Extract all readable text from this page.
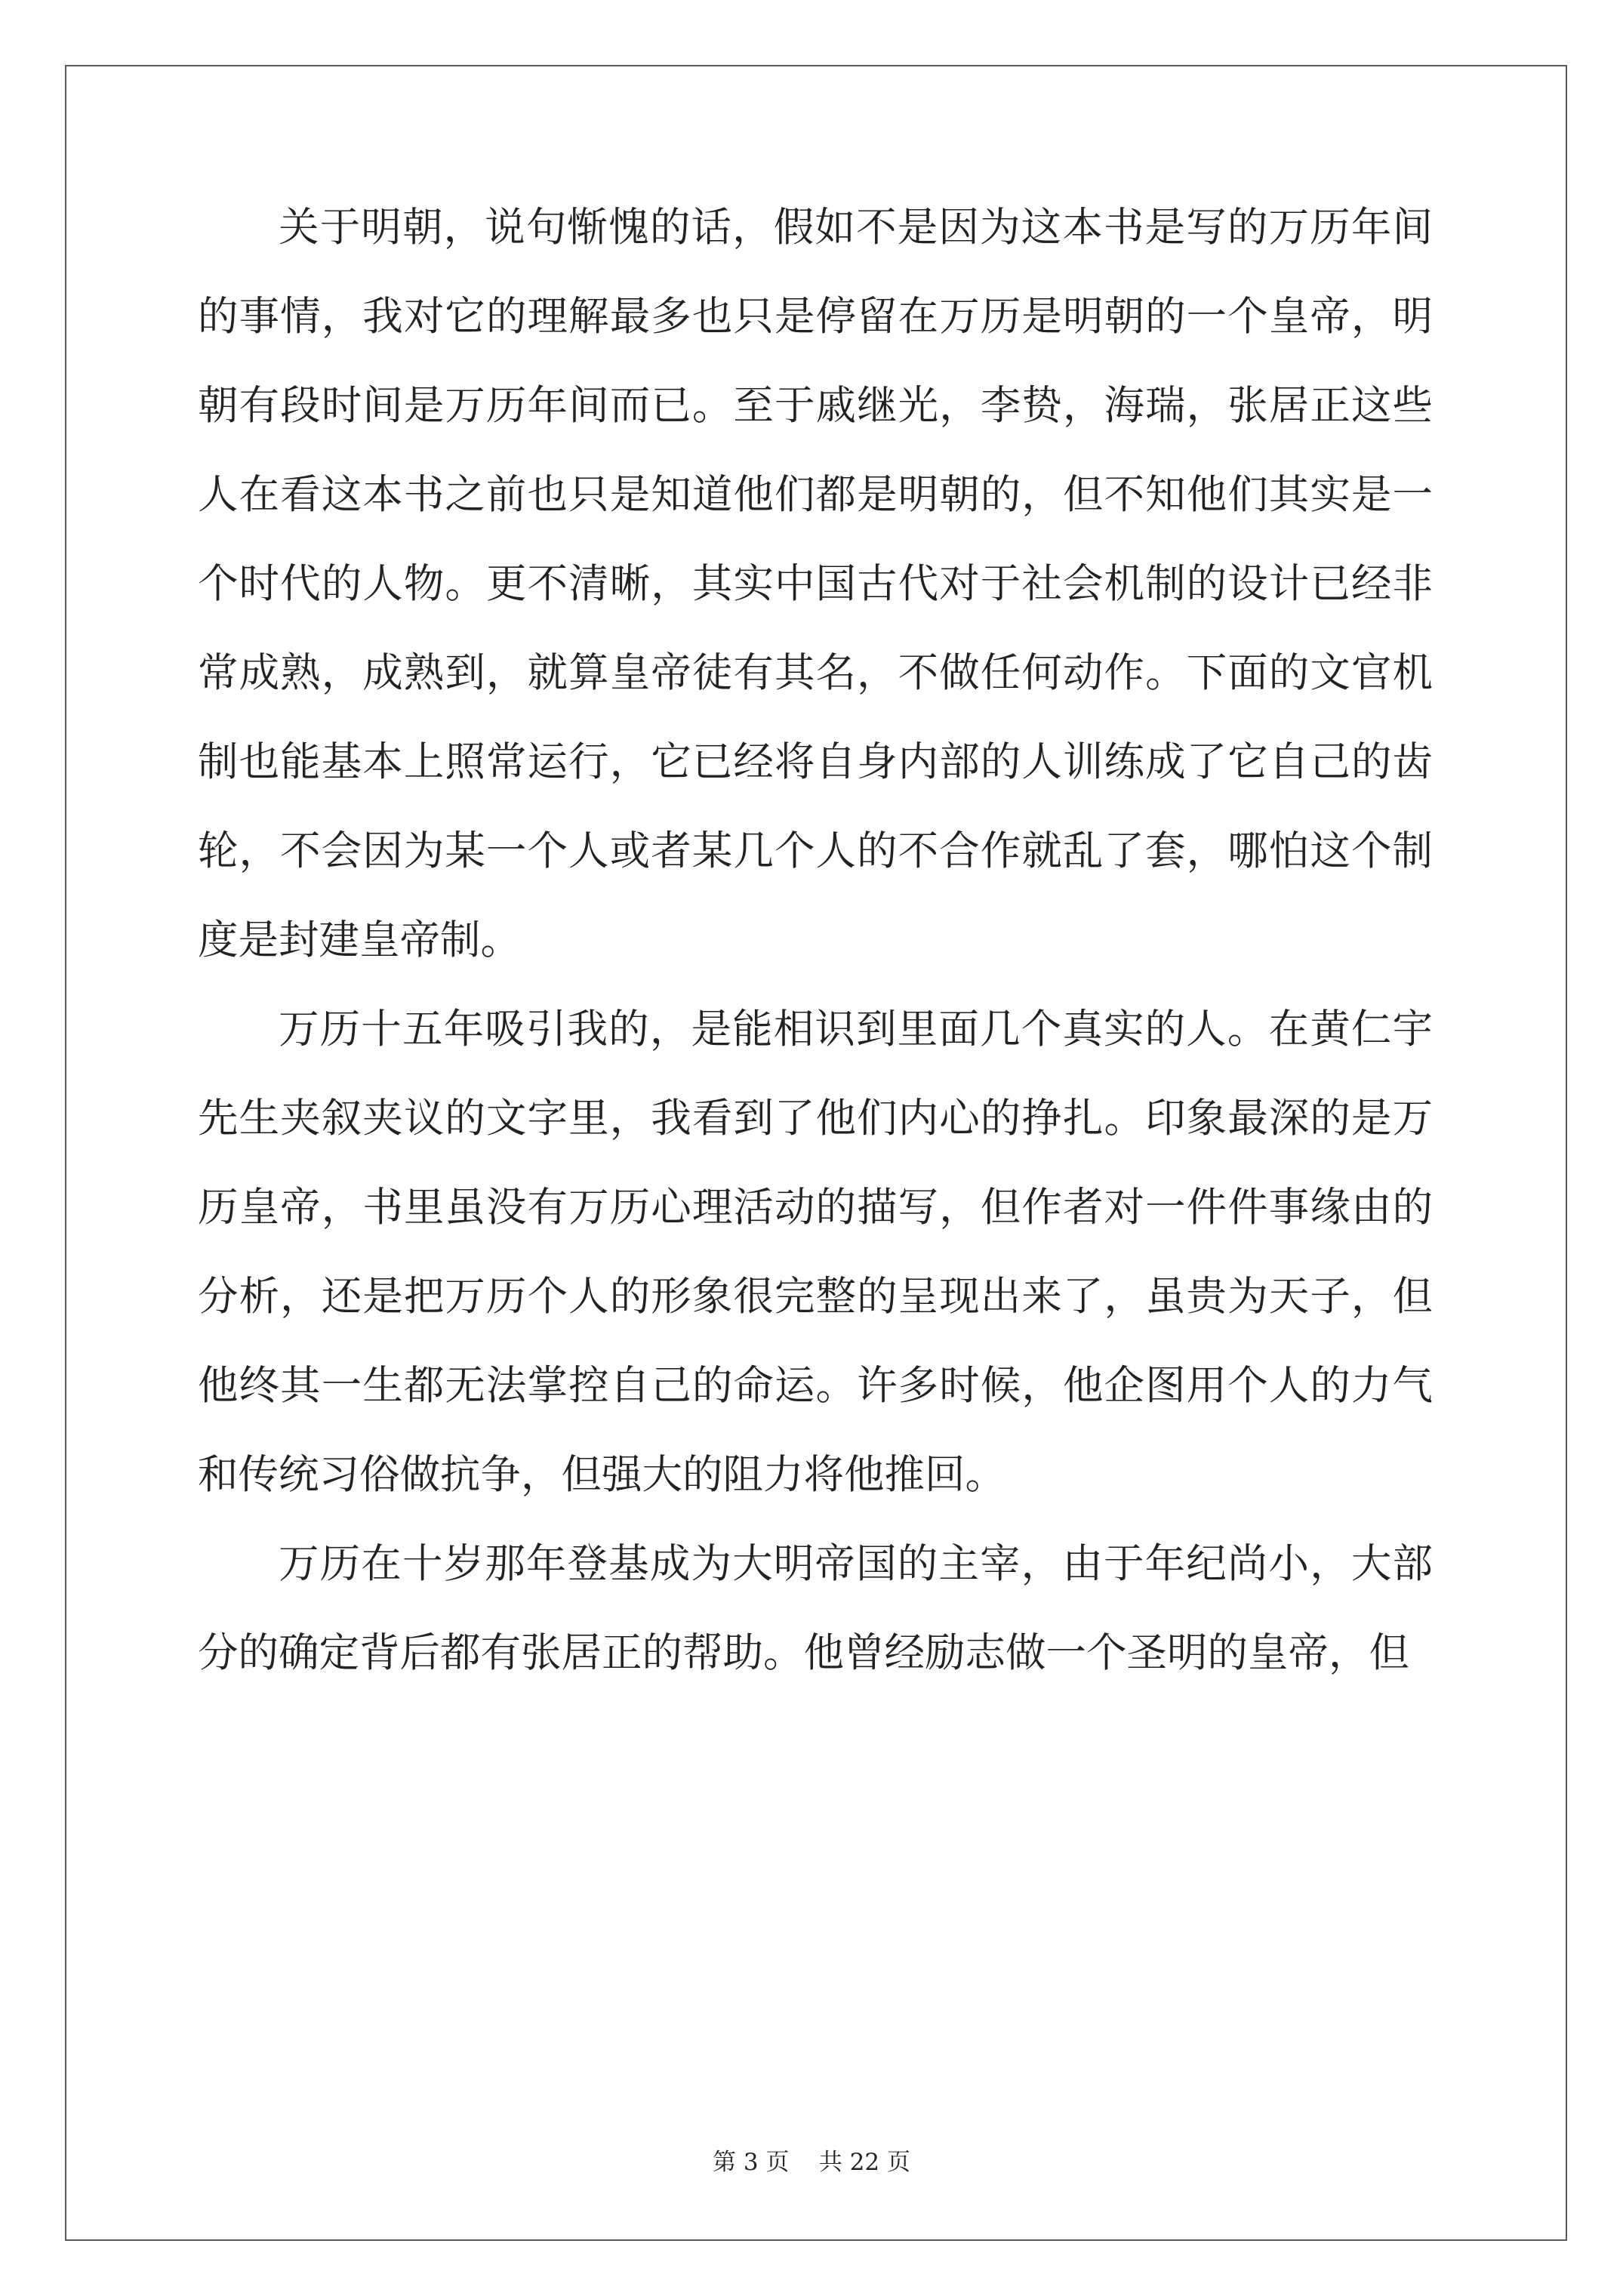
关于明朝，说句惭愧的话，假如不是因为这本书是写的万历年间的事情，我对它的理解最多也只是停留在万历是明朝的一个皇帝，明朝有段时间是万历年间而已。至于戚继光，李贽，海瑞，张居正这些人在看这本书之前也只是知道他们都是明朝的，但不知他们其实是一个时代的人物。更不清晰，其实中国古代对于社会机制的设计已经非常成熟，成熟到，就算皇帝徒有其名，不做任何动作。下面的文官机制也能基本上照常运行，它已经将自身内部的人训练成了它自己的齿轮，不会因为某一个人或者某几个人的不合作就乱了套，哪怕这个制度是封建皇帝制。

万历十五年吸引我的，是能相识到里面几个真实的人。在黄仁宇先生夹叙夹议的文字里，我看到了他们内心的挣扎。印象最深的是万历皇帝，书里虽没有万历心理活动的描写，但作者对一件件事缘由的分析，还是把万历个人的形象很完整的呈现出来了，虽贵为天子，但他终其一生都无法掌控自己的命运。许多时候，他企图用个人的力气和传统习俗做抗争，但强大的阻力将他推回。

万历在十岁那年登基成为大明帝国的主宰，由于年纪尚小，大部分的确定背后都有张居正的帮助。他曾经励志做一个圣明的皇帝，但

第 3 页    共 22 页
